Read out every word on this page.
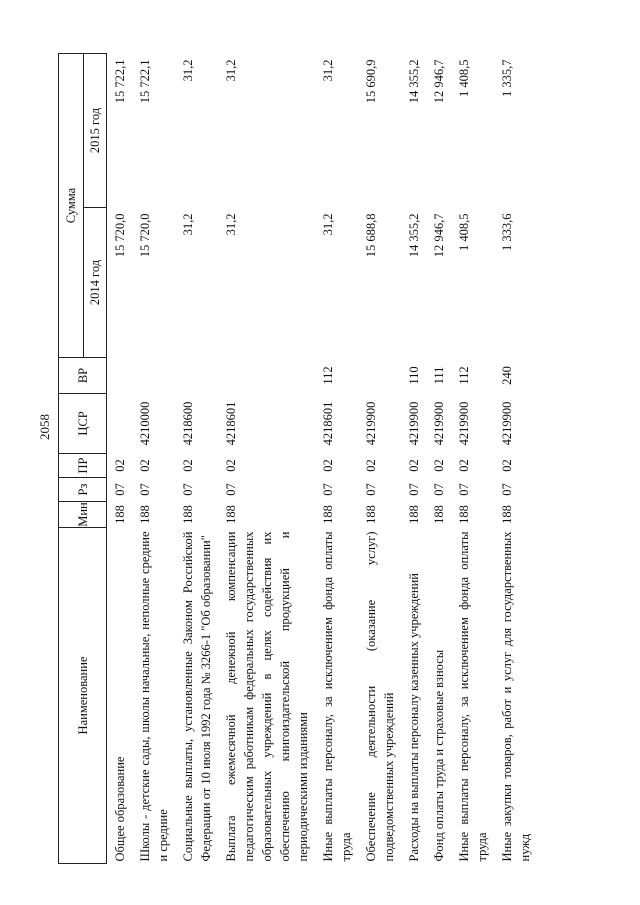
2058
Наименование	Мин	Рз	ПР	ЦСР	ВР	Сумма	
						2014 год	2015 год
Общее образование	188	07	02			15 720,0	15 722,1
Школы - детские сады, школы начальные, неполные средние и средние	188	07	02	4210000		15 720,0	15 722,1
Социальные выплаты, установленные Законом Российской Федерации от 10 июля 1992 года № 3266-1 "Об образовании"	188	07	02	4218600		31,2	31,2
Выплата ежемесячной денежной компенсации педагогическим работникам федеральных государственных образовательных учреждений в целях содействия их обеспечению книгоиздательской продукцией и периодическими изданиями	188	07	02	4218601		31,2	31,2
Иные выплаты персоналу, за исключением фонда оплаты труда	188	07	02	4218601	112	31,2	31,2
Обеспечение деятельности (оказание услуг) подведомственных учреждений	188	07	02	4219900		15 688,8	15 690,9
Расходы на выплаты персоналу казенных учреждений	188	07	02	4219900	110	14 355,2	14 355,2
Фонд оплаты труда и страховые взносы	188	07	02	4219900	111	12 946,7	12 946,7
Иные выплаты персоналу, за исключением фонда оплаты труда	188	07	02	4219900	112	1 408,5	1 408,5
Иные закупки товаров, работ и услуг для государственных нужд	188	07	02	4219900	240	1 333,6	1 335,7
